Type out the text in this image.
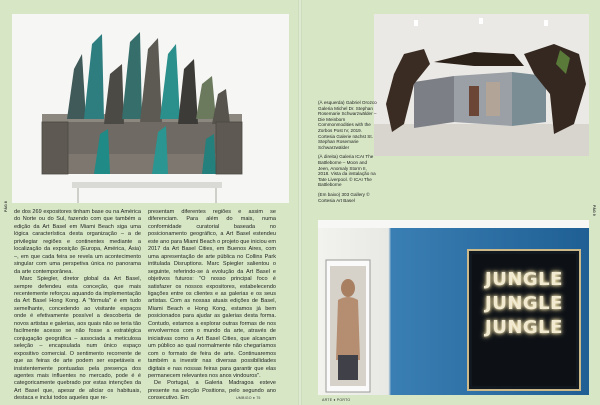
PÁG 8 de dos 269 expositores tinham base ou na América do Norte ou do Sul, fazendo com que também a edição da Art Basel em Miami Beach siga uma lógica característica desta organização – a de privilegiar regiões e continentes mediante a localização da exposição (Europa, América, Ásia) –, em que cada feira se revela um acontecimento singular com uma perspetiva única no panorama da arte contemporânea.

Marc Spiegler, diretor global da Art Basel, sempre defendeu esta conceção, que mais recentemente reforçou aquando da implementação da Art Basel Hong Kong. A "fórmula" é em tudo semelhante, concedendo ao visitante espaços onde é efetivamente possível a descoberta de novos artistas e galerias, aos quais não se teria tão facilmente acesso se não fosse a estratégica conjugação geográfica – associada a meticulosa seleção – encapsulada num único espaço expositivo comercial. O sentimento recorrente de que as feiras de arte podem ser espetáveis e insistentemente pontuadas pela presença dos agentes mais influentes no mercado, pode é é categoricamente quebrado por estas intenções da Art Basel que, apesar de aliciar os habituais, destaca e inclui todos aqueles que re-

presentam diferentes regiões e assim se diferenciam. Para além do mais, numa conformidade curatorial baseada no posicionamento geográfico, a Art Basel estendeu este ano para Miami Beach o projeto que iniciou em 2017 da Art Basel Cities, em Buenos Aires, com uma apresentação de arte pública no Collins Park intitulada Disruptions. Marc Spiegler salientou o seguinte, referindo-se à evolução da Art Basel e objetivos futuros: "O nosso principal foco é satisfazer os nossos expositores, estabelecendo ligações entre os clientes e as galerias e os seus artistas. Com as nossas atuais edições de Basel, Miami Beach e Hong Kong, estamos já bem posicionados para ajudar as galerias desta forma. Contudo, estamos a explorar outras formas de nos envolvermos com o mundo da arte, através de iniciativas como a Art Basel Cities, que alcançam um público ao qual normalmente não chegaríamos com o formato de feira de arte. Continuaremos também a investir nas diversas possibilidades digitais e nas nossas feiras para garantir que elas permanecem relevantes nos anos vindouros".

De Portugal, a Galeria Madragoa esteve presente na secção Positions, pelo segundo ano consecutivo. Em	UMBIGO ♦ 75

(À esquerda) Gabriel Orozco Galeria Michel Dr. Stephan Rosemarie Schwarzwälder – Die Meinborn Commonmodities with the Zorbos Post IV, 2019. Cortesia Galerie nächst St. Stephan Rosemarie Schwarzwälder

(À direita) Galeria ICAI The Battleborne – Moon and Jeen, Anomaly Storm II, 2018. Vista da instalação na Tate Liverpool. © ICAI The Battleborne

(Em baixo) 303 Gallery © Cortesia Art Basel

PÁG 9
JUNGLE
JUNGLE
JUNGLE
ARTE ♦ PORTO
